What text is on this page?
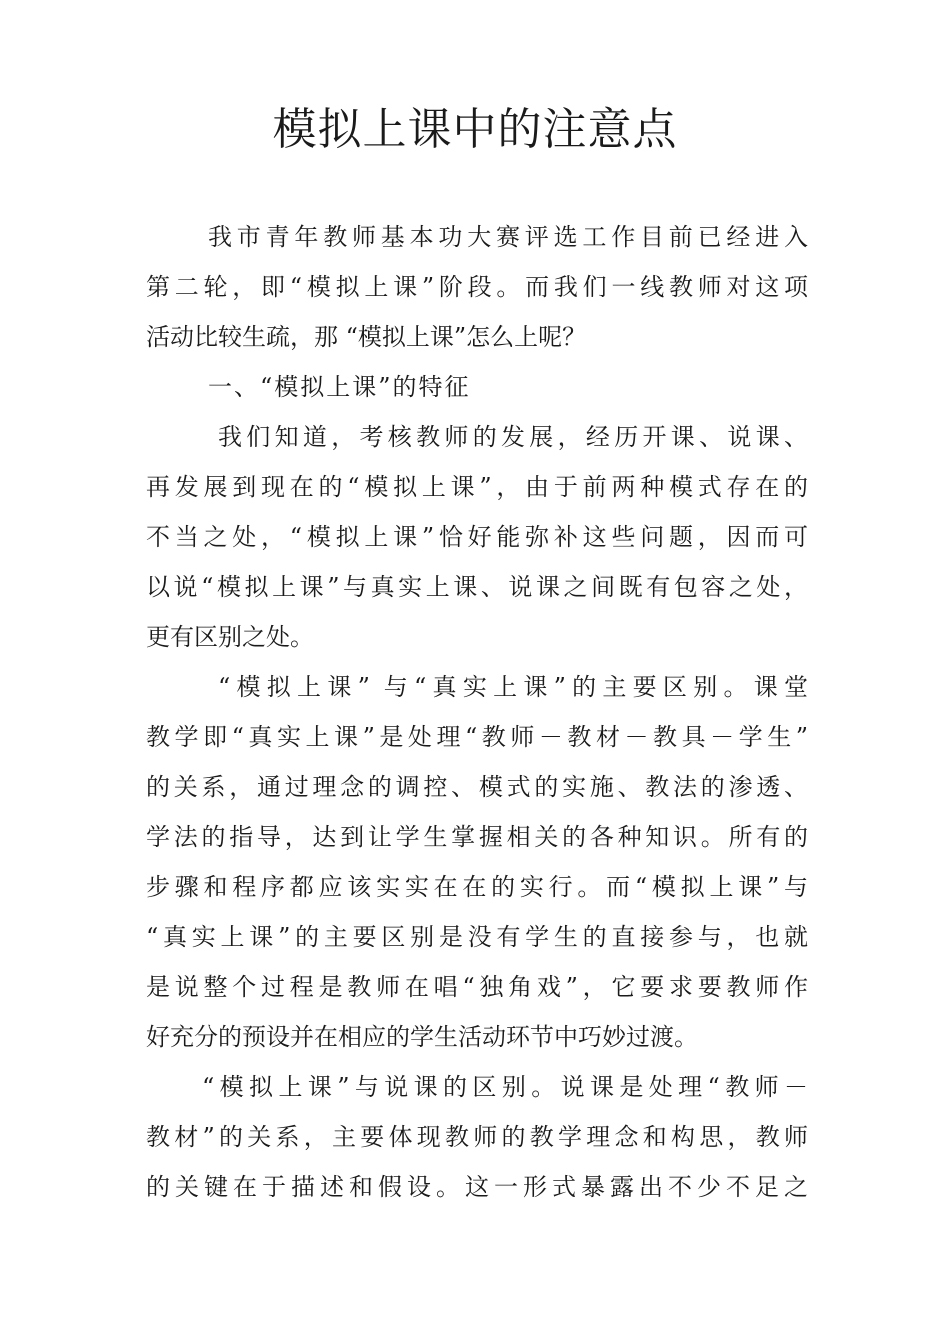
模拟上课中的注意点
我市青年教师基本功大赛评选工作目前已经进入
第二轮，即“模拟上课”阶段。而我们一线教师对这项
活动比较生疏，那 “模拟上课”怎么上呢？
一、“模拟上课”的特征
我们知道，考核教师的发展，经历开课、说课、
再发展到现在的“模拟上课”，由于前两种模式存在的
不当之处，“模拟上课”恰好能弥补这些问题，因而可
以说“模拟上课”与真实上课、说课之间既有包容之处，
更有区别之处。
“模拟上课” 与“真实上课”的主要区别。课堂
教学即“真实上课”是处理“教师－教材－教具－学生”
的关系，通过理念的调控、模式的实施、教法的渗透、
学法的指导，达到让学生掌握相关的各种知识。所有的
步骤和程序都应该实实在在的实行。而“模拟上课”与
“真实上课”的主要区别是没有学生的直接参与，也就
是说整个过程是教师在唱“独角戏”，它要求要教师作
好充分的预设并在相应的学生活动环节中巧妙过渡。
“模拟上课”与说课的区别。说课是处理“教师－
教材”的关系，主要体现教师的教学理念和构思，教师
的关键在于描述和假设。这一形式暴露出不少不足之
